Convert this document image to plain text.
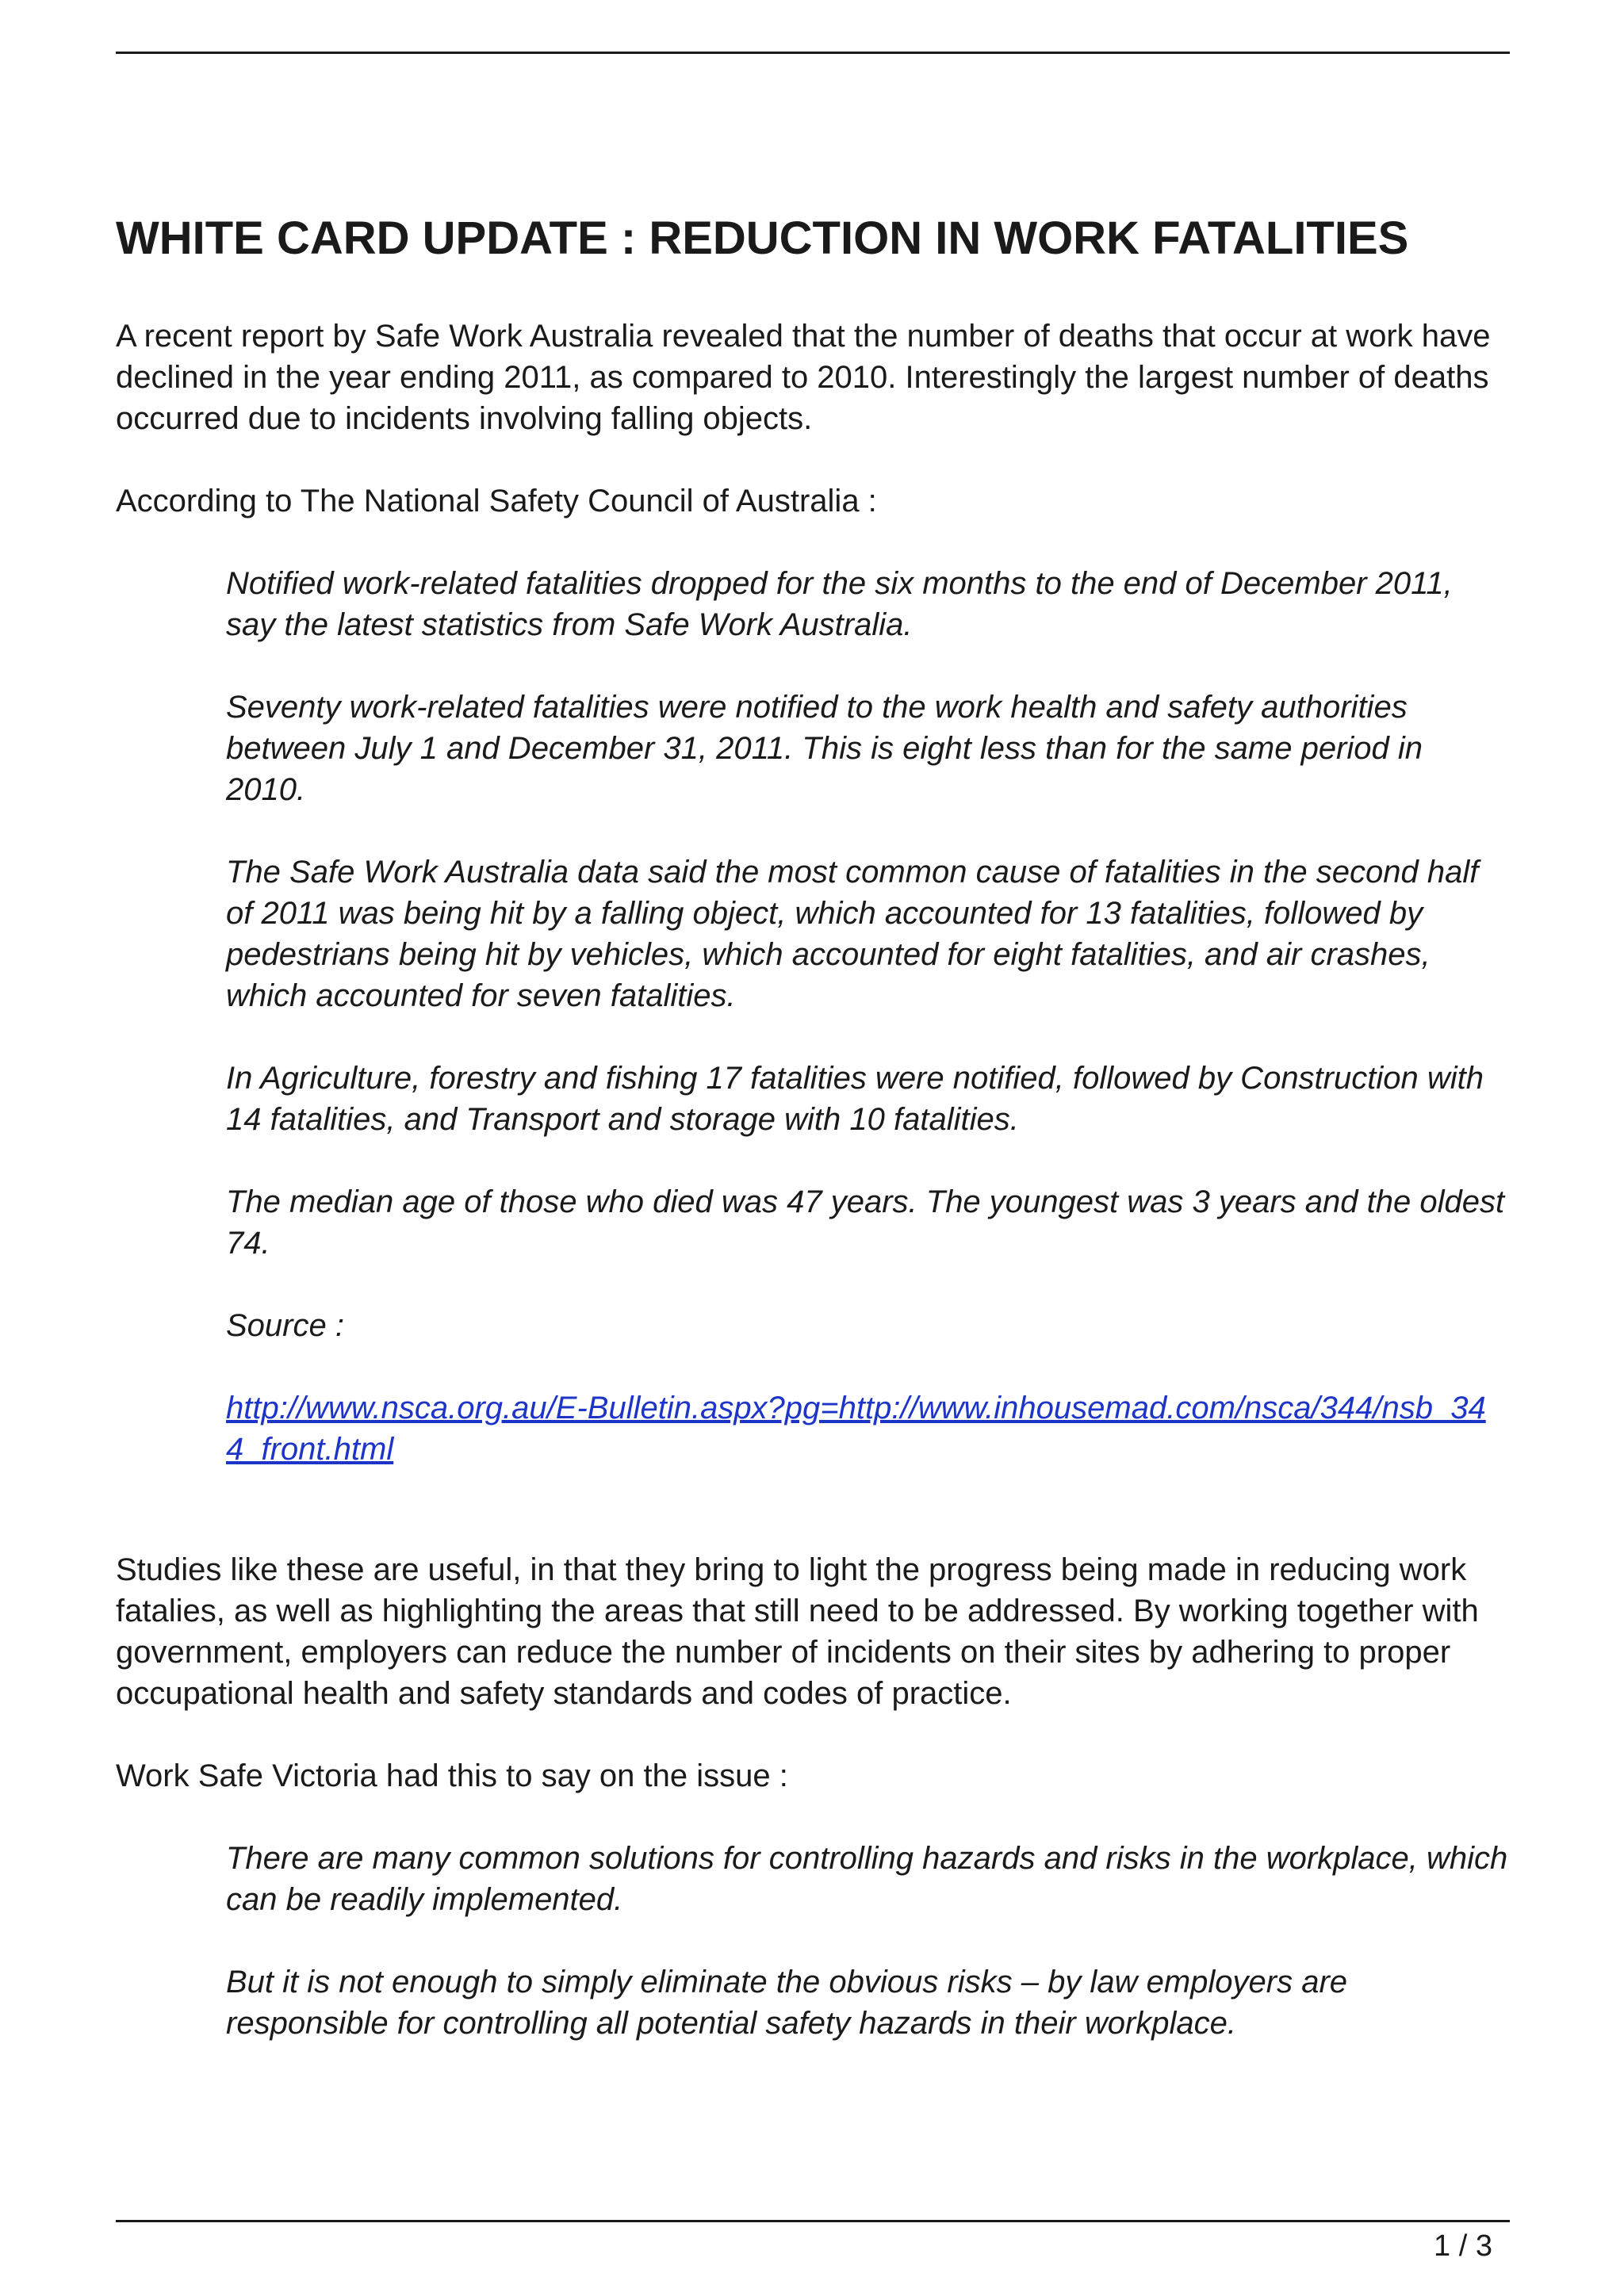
WHITE CARD UPDATE : REDUCTION IN WORK FATALITIES

A recent report by Safe Work Australia revealed that the number of deaths that occur at work have declined in the year ending 2011, as compared to 2010. Interestingly the largest number of deaths occurred due to incidents involving falling objects.

According to The National Safety Council of Australia :

Notified work-related fatalities dropped for the six months to the end of December 2011, say the latest statistics from Safe Work Australia.

Seventy work-related fatalities were notified to the work health and safety authorities between July 1 and December 31, 2011. This is eight less than for the same period in 2010.

The Safe Work Australia data said the most common cause of fatalities in the second half of 2011 was being hit by a falling object, which accounted for 13 fatalities, followed by pedestrians being hit by vehicles, which accounted for eight fatalities, and air crashes, which accounted for seven fatalities.

In Agriculture, forestry and fishing 17 fatalities were notified, followed by Construction with 14 fatalities, and Transport and storage with 10 fatalities.

The median age of those who died was 47 years. The youngest was 3 years and the oldest 74.

Source :

http://www.nsca.org.au/E-Bulletin.aspx?pg=http://www.inhousemad.com/nsca/344/nsb_344_front.html

Studies like these are useful, in that they bring to light the progress being made in reducing work fatalies, as well as highlighting the areas that still need to be addressed. By working together with government, employers can reduce the number of incidents on their sites by adhering to proper occupational health and safety standards and codes of practice.

Work Safe Victoria had this to say on the issue :

There are many common solutions for controlling hazards and risks in the workplace, which can be readily implemented.

But it is not enough to simply eliminate the obvious risks – by law employers are responsible for controlling all potential safety hazards in their workplace.

1 / 3
